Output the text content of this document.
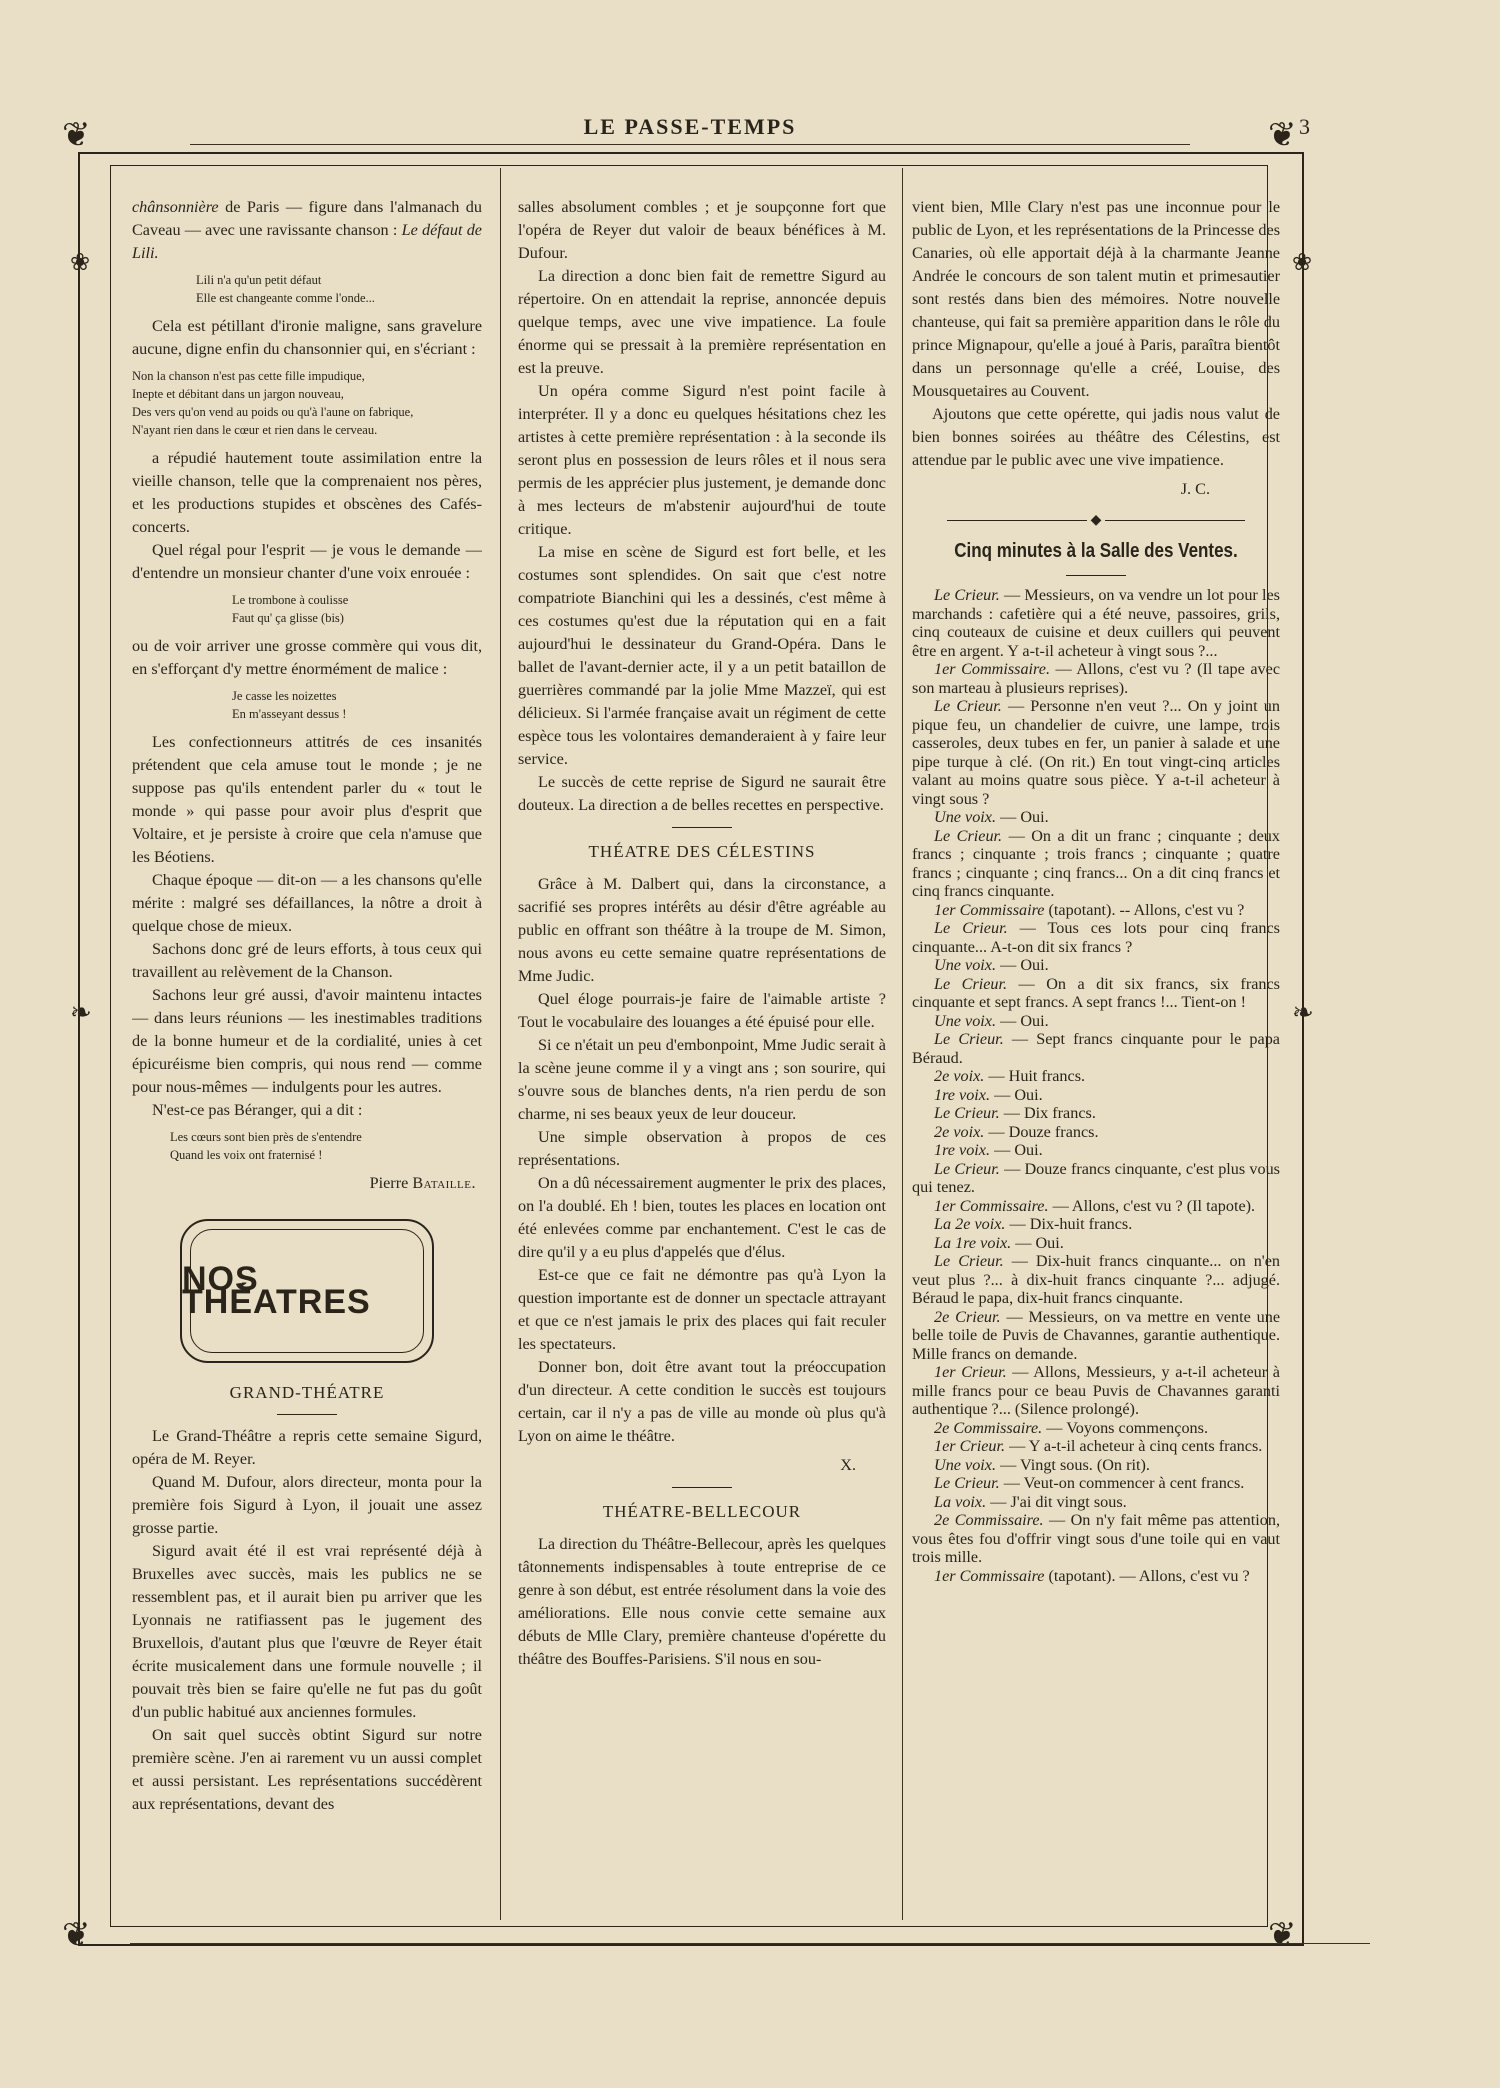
LE PASSE-TEMPS	3
❦	❦
❦	❦
❧	❧
❀
❀

chânsonnière de Paris — figure dans l'almanach du Caveau — avec une ravissante chanson : Le défaut de Lili.

Lili n'a qu'un petit défaut
Elle est changeante comme l'onde...

Cela est pétillant d'ironie maligne, sans gravelure aucune, digne enfin du chansonnier qui, en s'écriant :

Non la chanson n'est pas cette fille impudique,
Inepte et débitant dans un jargon nouveau,
Des vers qu'on vend au poids ou qu'à l'aune on fabrique,
N'ayant rien dans le cœur et rien dans le cerveau.

a répudié hautement toute assimilation entre la vieille chanson, telle que la comprenaient nos pères, et les productions stupides et obscènes des Cafés-concerts.

Quel régal pour l'esprit — je vous le demande —d'entendre un monsieur chanter d'une voix enrouée :

Le trombone à coulisse
Faut qu' ça glisse (bis)

ou de voir arriver une grosse commère qui vous dit, en s'efforçant d'y mettre énormément de malice :

Je casse les noizettes
En m'asseyant dessus !

Les confectionneurs attitrés de ces insanités prétendent que cela amuse tout le monde ; je ne suppose pas qu'ils entendent parler du « tout le monde » qui passe pour avoir plus d'esprit que Voltaire, et je persiste à croire que cela n'amuse que les Béotiens.

Chaque époque — dit-on — a les chansons qu'elle mérite : malgré ses défaillances, la nôtre a droit à quelque chose de mieux.

Sachons donc gré de leurs efforts, à tous ceux qui travaillent au relèvement de la Chanson.

Sachons leur gré aussi, d'avoir maintenu intactes — dans leurs réunions — les inestimables traditions de la bonne humeur et de la cordialité, unies à cet épicuréisme bien compris, qui nous rend — comme pour nous-mêmes — indulgents pour les autres.

N'est-ce pas Béranger, qui a dit :

Les cœurs sont bien près de s'entendre
Quand les voix ont fraternisé !
Pierre Bataille.
NOS THÉATRES
GRAND-THÉATRE

Le Grand-Théâtre a repris cette semaine Sigurd, opéra de M. Reyer.

Quand M. Dufour, alors directeur, monta pour la première fois Sigurd à Lyon, il jouait une assez grosse partie.

Sigurd avait été il est vrai représenté déjà à Bruxelles avec succès, mais les publics ne se ressemblent pas, et il aurait bien pu arriver que les Lyonnais ne ratifiassent pas le jugement des Bruxellois, d'autant plus que l'œuvre de Reyer était écrite musicalement dans une formule nouvelle ; il pouvait très bien se faire qu'elle ne fut pas du goût d'un public habitué aux anciennes formules.

On sait quel succès obtint Sigurd sur notre première scène. J'en ai rarement vu un aussi complet et aussi persistant. Les représentations succédèrent aux représentations, devant des

salles absolument combles ; et je soupçonne fort que l'opéra de Reyer dut valoir de beaux bénéfices à M. Dufour.

La direction a donc bien fait de remettre Sigurd au répertoire. On en attendait la reprise, annoncée depuis quelque temps, avec une vive impatience. La foule énorme qui se pressait à la première représentation en est la preuve.

Un opéra comme Sigurd n'est point facile à interpréter. Il y a donc eu quelques hésitations chez les artistes à cette première représentation : à la seconde ils seront plus en possession de leurs rôles et il nous sera permis de les apprécier plus justement, je demande donc à mes lecteurs de m'abstenir aujourd'hui de toute critique.

La mise en scène de Sigurd est fort belle, et les costumes sont splendides. On sait que c'est notre compatriote Bianchini qui les a dessinés, c'est même à ces costumes qu'est due la réputation qui en a fait aujourd'hui le dessinateur du Grand-Opéra. Dans le ballet de l'avant-dernier acte, il y a un petit bataillon de guerrières commandé par la jolie Mme Mazzeï, qui est délicieux. Si l'armée française avait un régiment de cette espèce tous les volontaires demanderaient à y faire leur service.

Le succès de cette reprise de Sigurd ne saurait être douteux. La direction a de belles recettes en perspective.

THÉATRE DES CÉLESTINS

Grâce à M. Dalbert qui, dans la circonstance, a sacrifié ses propres intérêts au désir d'être agréable au public en offrant son théâtre à la troupe de M. Simon, nous avons eu cette semaine quatre représentations de Mme Judic.

Quel éloge pourrais-je faire de l'aimable artiste ? Tout le vocabulaire des louanges a été épuisé pour elle.

Si ce n'était un peu d'embonpoint, Mme Judic serait à la scène jeune comme il y a vingt ans ; son sourire, qui s'ouvre sous de blanches dents, n'a rien perdu de son charme, ni ses beaux yeux de leur douceur.

Une simple observation à propos de ces représentations.

On a dû nécessairement augmenter le prix des places, on l'a doublé. Eh ! bien, toutes les places en location ont été enlevées comme par enchantement. C'est le cas de dire qu'il y a eu plus d'appelés que d'élus.

Est-ce que ce fait ne démontre pas qu'à Lyon la question importante est de donner un spectacle attrayant et que ce n'est jamais le prix des places qui fait reculer les spectateurs.

Donner bon, doit être avant tout la préoccupation d'un directeur. A cette condition le succès est toujours certain, car il n'y a pas de ville au monde où plus qu'à Lyon on aime le théâtre.

X.
THÉATRE-BELLECOUR

La direction du Théâtre-Bellecour, après les quelques tâtonnements indispensables à toute entreprise de ce genre à son début, est entrée résolument dans la voie des améliorations. Elle nous convie cette semaine aux débuts de Mlle Clary, première chanteuse d'opérette du théâtre des Bouffes-Parisiens. S'il nous en sou-

vient bien, Mlle Clary n'est pas une inconnue pour le public de Lyon, et les représentations de la Princesse des Canaries, où elle apportait déjà à la charmante Jeanne Andrée le concours de son talent mutin et primesautier sont restés dans bien des mémoires. Notre nouvelle chanteuse, qui fait sa première apparition dans le rôle du prince Mignapour, qu'elle a joué à Paris, paraîtra bientôt dans un personnage qu'elle a créé, Louise, des Mousquetaires au Couvent.

Ajoutons que cette opérette, qui jadis nous valut de bien bonnes soirées au théâtre des Célestins, est attendue par le public avec une vive impatience.

J. C.
◆
Cinq minutes à la Salle des Ventes.

Le Crieur. — Messieurs, on va vendre un lot pour les marchands : cafetière qui a été neuve, passoires, grils, cinq couteaux de cuisine et deux cuillers qui peuvent être en argent. Y a-t-il acheteur à vingt sous ?...

1er Commissaire. — Allons, c'est vu ? (Il tape avec son marteau à plusieurs reprises).

Le Crieur. — Personne n'en veut ?... On y joint un pique feu, un chandelier de cuivre, une lampe, trois casseroles, deux tubes en fer, un panier à salade et une pipe turque à clé. (On rit.) En tout vingt-cinq articles valant au moins quatre sous pièce. Y a-t-il acheteur à vingt sous ?

Une voix. — Oui.

Le Crieur. — On a dit un franc ; cinquante ; deux francs ; cinquante ; trois francs ; cinquante ; quatre francs ; cinquante ; cinq francs... On a dit cinq francs et cinq francs cinquante.

1er Commissaire (tapotant). -- Allons, c'est vu ?

Le Crieur. — Tous ces lots pour cinq francs cinquante... A-t-on dit six francs ?

Une voix. — Oui.

Le Crieur. — On a dit six francs, six francs cinquante et sept francs. A sept francs !... Tient-on !

Une voix. — Oui.

Le Crieur. — Sept francs cinquante pour le papa Béraud.

2e voix. — Huit francs.

1re voix. — Oui.

Le Crieur. — Dix francs.

2e voix. — Douze francs.

1re voix. — Oui.

Le Crieur. — Douze francs cinquante, c'est plus vous qui tenez.

1er Commissaire. — Allons, c'est vu ? (Il tapote).

La 2e voix. — Dix-huit francs.

La 1re voix. — Oui.

Le Crieur. — Dix-huit francs cinquante... on n'en veut plus ?... à dix-huit francs cinquante ?... adjugé. Béraud le papa, dix-huit francs cinquante.

2e Crieur. — Messieurs, on va mettre en vente une belle toile de Puvis de Chavannes, garantie authentique. Mille francs on demande.

1er Crieur. — Allons, Messieurs, y a-t-il acheteur à mille francs pour ce beau Puvis de Chavannes garanti authentique ?... (Silence prolongé).

2e Commissaire. — Voyons commençons.

1er Crieur. — Y a-t-il acheteur à cinq cents francs.

Une voix. — Vingt sous. (On rit).

Le Crieur. — Veut-on commencer à cent francs.

La voix. — J'ai dit vingt sous.

2e Commissaire. — On n'y fait même pas attention, vous êtes fou d'offrir vingt sous d'une toile qui en vaut trois mille.

1er Commissaire (tapotant). — Allons, c'est vu ?
